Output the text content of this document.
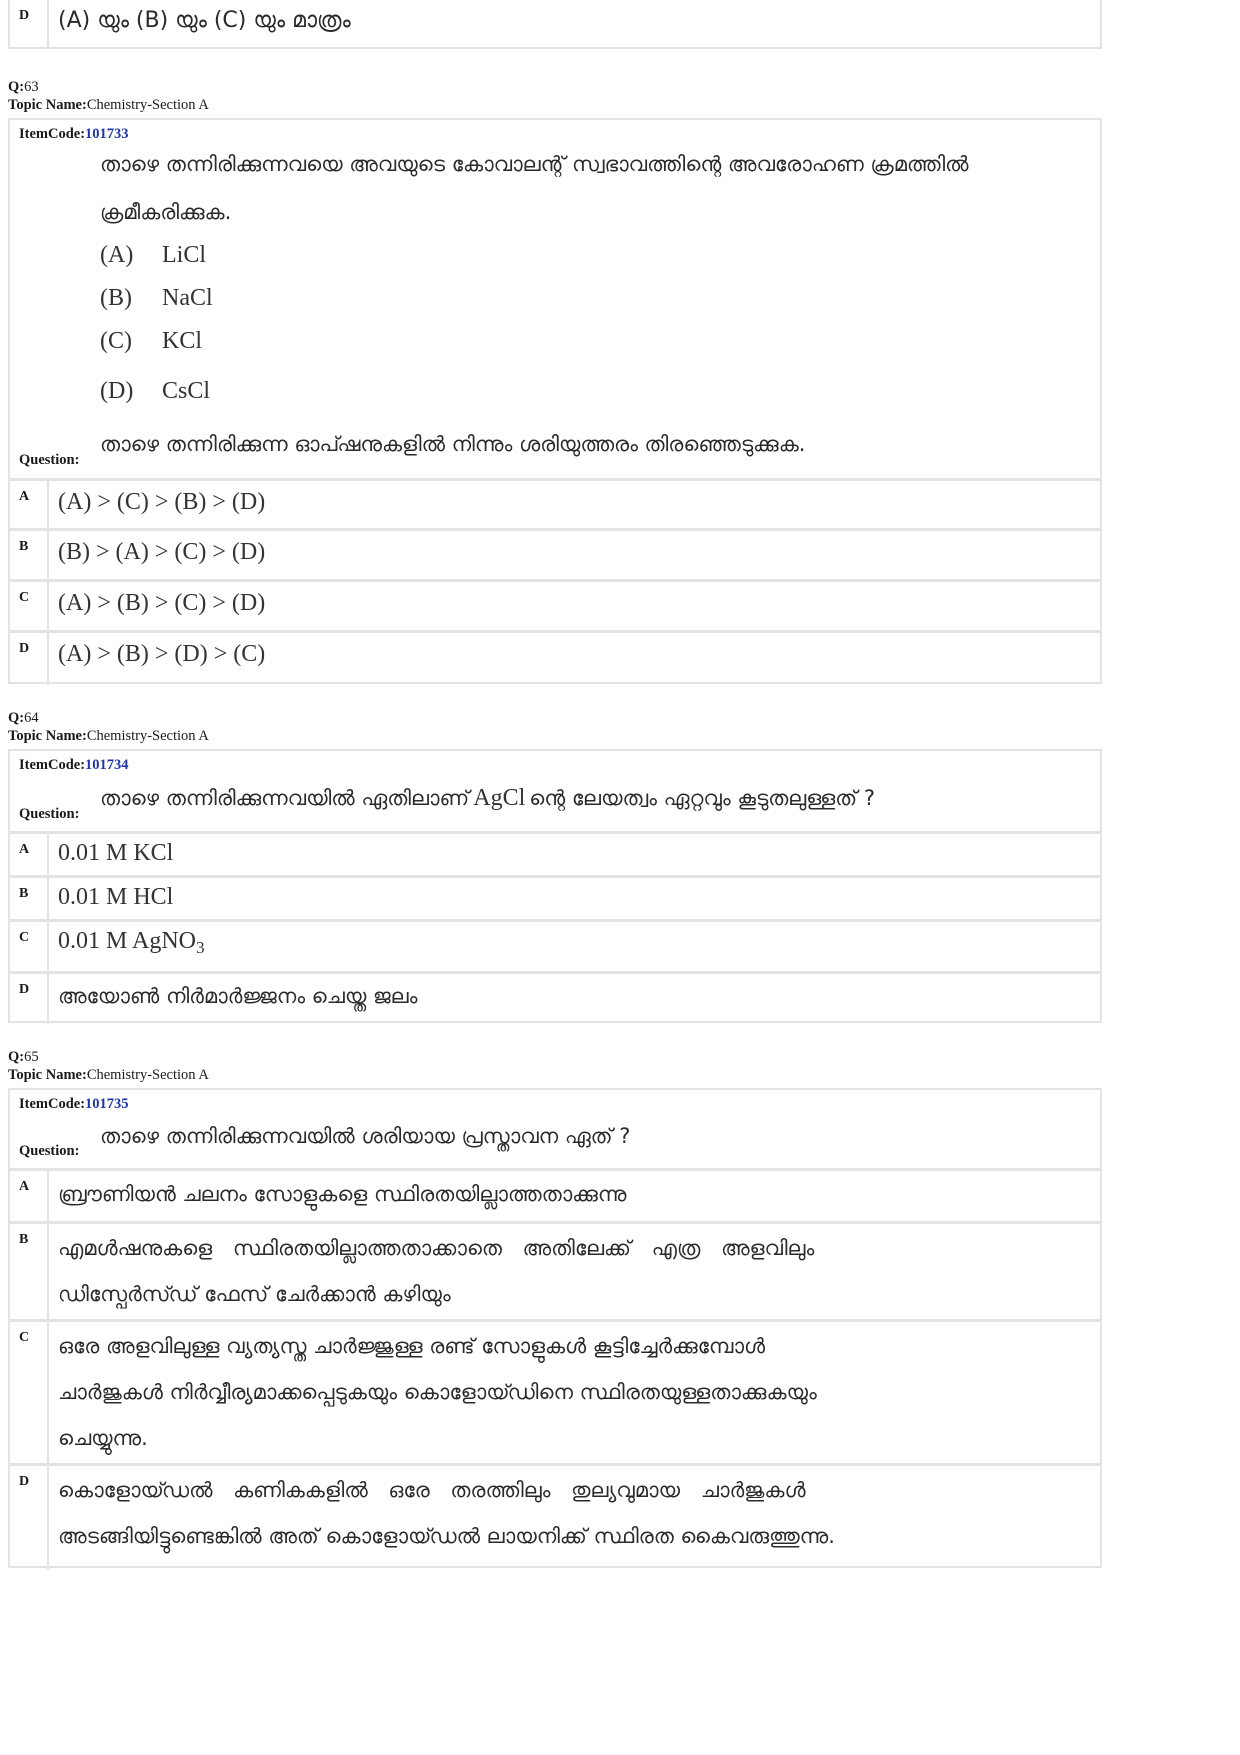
D (A) യും (B) യും (C) യും മാത്രം
Q:63
Topic Name:Chemistry-Section A
ItemCode:101733
താഴെ തന്നിരിക്കുന്നവയെ അവയുടെ കോവാലന്റ് സ്വഭാവത്തിന്റെ അവരോഹണ ക്രമത്തിൽ
ക്രമീകരിക്കുക.
(A) LiCl
(B) NaCl
(C) KCl
(D) CsCl
Question:
താഴെ തന്നിരിക്കുന്ന ഓപ്ഷനുകളിൽ നിന്നും ശരിയുത്തരം തിരഞ്ഞെടുക്കുക.
A (A) > (C) > (B) > (D)
B (B) > (A) > (C) > (D)
C (A) > (B) > (C) > (D)
D (A) > (B) > (D) > (C)
Q:64
Topic Name:Chemistry-Section A
ItemCode:101734
Question:
താഴെ തന്നിരിക്കുന്നവയിൽ ഏതിലാണ് AgCl ന്റെ ലേയത്വം ഏറ്റവും കൂടുതലുള്ളത് ?
A 0.01 M KCl
B 0.01 M HCl
C 0.01 M AgNO$_3$
D അയോൺ നിർമാർജ്ജനം ചെയ്ത ജലം
Q:65
Topic Name:Chemistry-Section A
ItemCode:101735
Question:
താഴെ തന്നിരിക്കുന്നവയിൽ ശരിയായ പ്രസ്താവന ഏത് ?
A ബ്രൗണിയൻ ചലനം സോളുകളെ സ്ഥിരതയില്ലാത്തതാക്കുന്നു
B എമൾഷനുകളെ സ്ഥിരതയില്ലാത്തതാക്കാതെ അതിലേക്ക് എത്ര അളവിലും
ഡിസ്പേർസ്ഡ് ഫേസ് ചേർക്കാൻ കഴിയും
C ഒരേ അളവിലുള്ള വ്യത്യസ്ത ചാർജ്ജുള്ള രണ്ട് സോളുകൾ കൂട്ടിച്ചേർക്കുമ്പോൾ
ചാർജുകൾ നിർവ്വീര്യമാക്കപ്പെടുകയും കൊളോയ്ഡിനെ സ്ഥിരതയുള്ളതാക്കുകയും
ചെയ്യുന്നു.
D കൊളോയ്ഡൽ കണികകളിൽ ഒരേ തരത്തിലും തുല്യവുമായ ചാർജുകൾ
അടങ്ങിയിട്ടുണ്ടെങ്കിൽ അത് കൊളോയ്ഡൽ ലായനിക്ക് സ്ഥിരത കൈവരുത്തുന്നു.
